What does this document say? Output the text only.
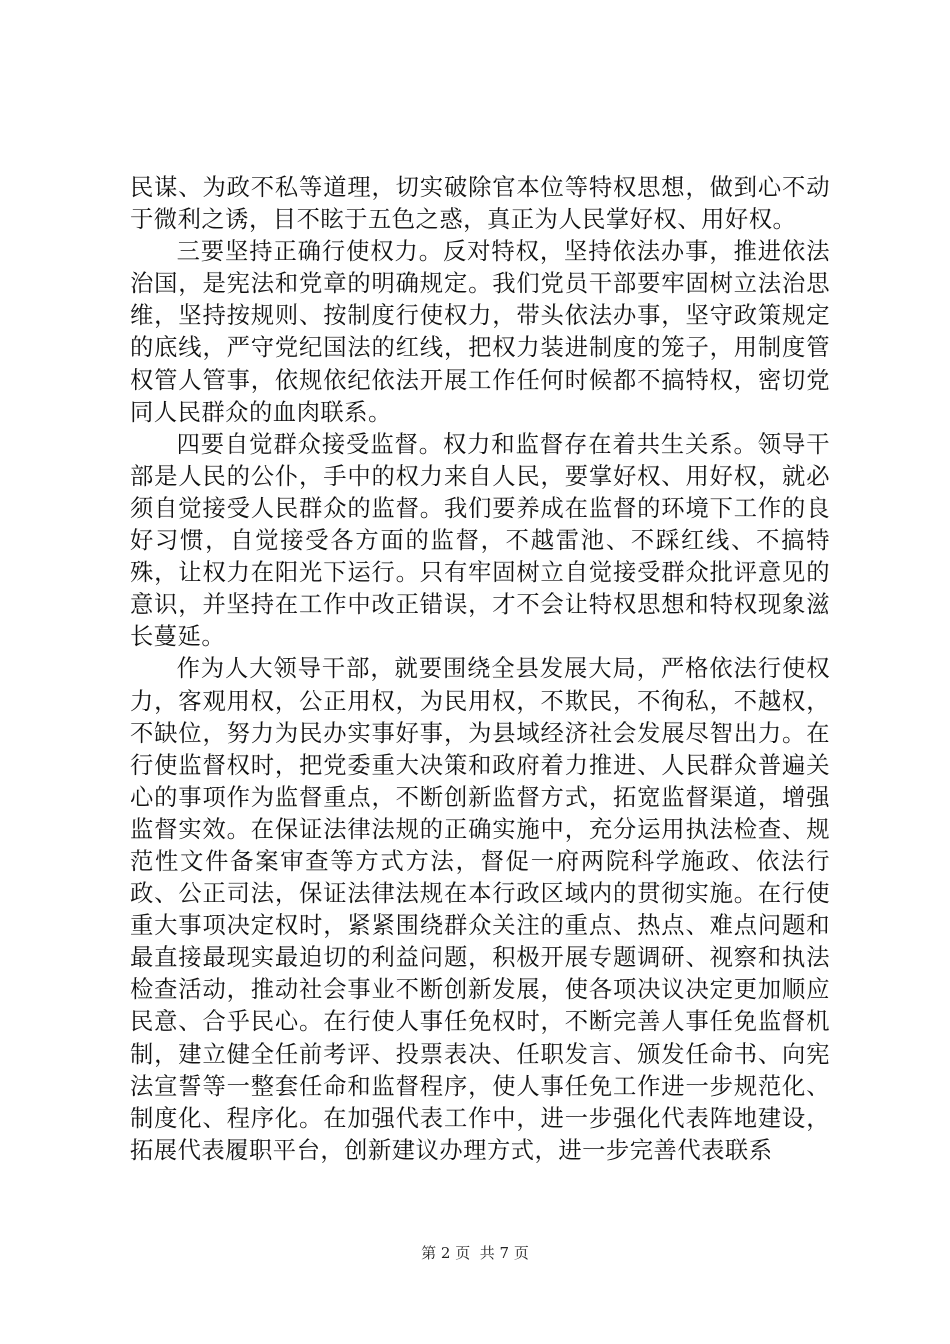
民谋、为政不私等道理，切实破除官本位等特权思想，做到心不动于微利之诱，目不眩于五色之惑，真正为人民掌好权、用好权。

三要坚持正确行使权力。反对特权，坚持依法办事，推进依法治国，是宪法和党章的明确规定。我们党员干部要牢固树立法治思维，坚持按规则、按制度行使权力，带头依法办事，坚守政策规定的底线，严守党纪国法的红线，把权力装进制度的笼子，用制度管权管人管事，依规依纪依法开展工作任何时候都不搞特权，密切党同人民群众的血肉联系。

四要自觉群众接受监督。权力和监督存在着共生关系。领导干部是人民的公仆，手中的权力来自人民，要掌好权、用好权，就必须自觉接受人民群众的监督。我们要养成在监督的环境下工作的良好习惯，自觉接受各方面的监督，不越雷池、不踩红线、不搞特殊，让权力在阳光下运行。只有牢固树立自觉接受群众批评意见的意识，并坚持在工作中改正错误，才不会让特权思想和特权现象滋长蔓延。

作为人大领导干部，就要围绕全县发展大局，严格依法行使权力，客观用权，公正用权，为民用权，不欺民，不徇私，不越权，不缺位，努力为民办实事好事，为县域经济社会发展尽智出力。在行使监督权时，把党委重大决策和政府着力推进、人民群众普遍关心的事项作为监督重点，不断创新监督方式，拓宽监督渠道，增强监督实效。在保证法律法规的正确实施中，充分运用执法检查、规范性文件备案审查等方式方法，督促一府两院科学施政、依法行政、公正司法，保证法律法规在本行政区域内的贯彻实施。在行使重大事项决定权时，紧紧围绕群众关注的重点、热点、难点问题和最直接最现实最迫切的利益问题，积极开展专题调研、视察和执法检查活动，推动社会事业不断创新发展，使各项决议决定更加顺应民意、合乎民心。在行使人事任免权时，不断完善人事任免监督机制，建立健全任前考评、投票表决、任职发言、颁发任命书、向宪法宣誓等一整套任命和监督程序，使人事任免工作进一步规范化、制度化、程序化。在加强代表工作中，进一步强化代表阵地建设，拓展代表履职平台，创新建议办理方式，进一步完善代表联系

第 2 页  共 7 页
